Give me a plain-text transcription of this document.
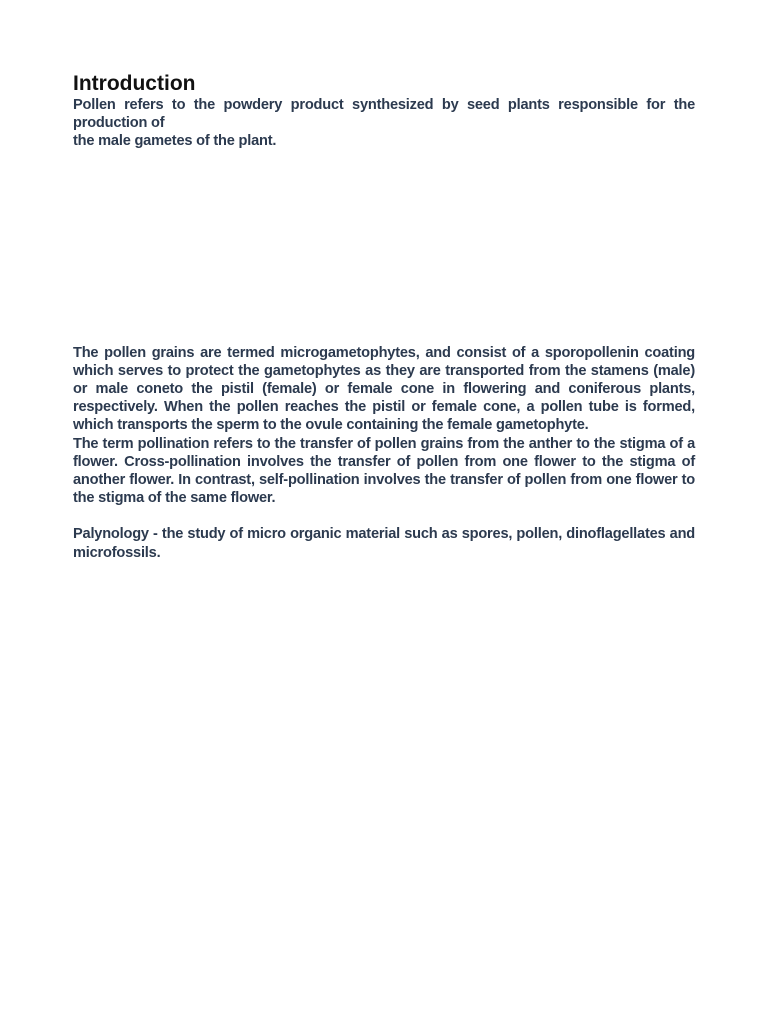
Introduction

Pollen refers to the powdery product synthesized by seed plants responsible for the production of

the male gametes of the plant.

The pollen grains are termed microgametophytes, and consist of a sporopollenin coating which serves to protect the gametophytes as they are transported from the stamens (male) or male coneto the pistil (female) or female cone in flowering and coniferous plants, respectively. When the pollen reaches the pistil or female cone, a pollen tube is formed, which transports the sperm to the ovule containing the female gametophyte.

The term pollination refers to the transfer of pollen grains from the anther to the stigma of a flower. Cross-pollination involves the transfer of pollen from one flower to the stigma of another flower. In contrast, self-pollination involves the transfer of pollen from one flower to the stigma of the same flower.

Palynology - the study of micro organic material such as spores, pollen, dinoflagellates and microfossils.
